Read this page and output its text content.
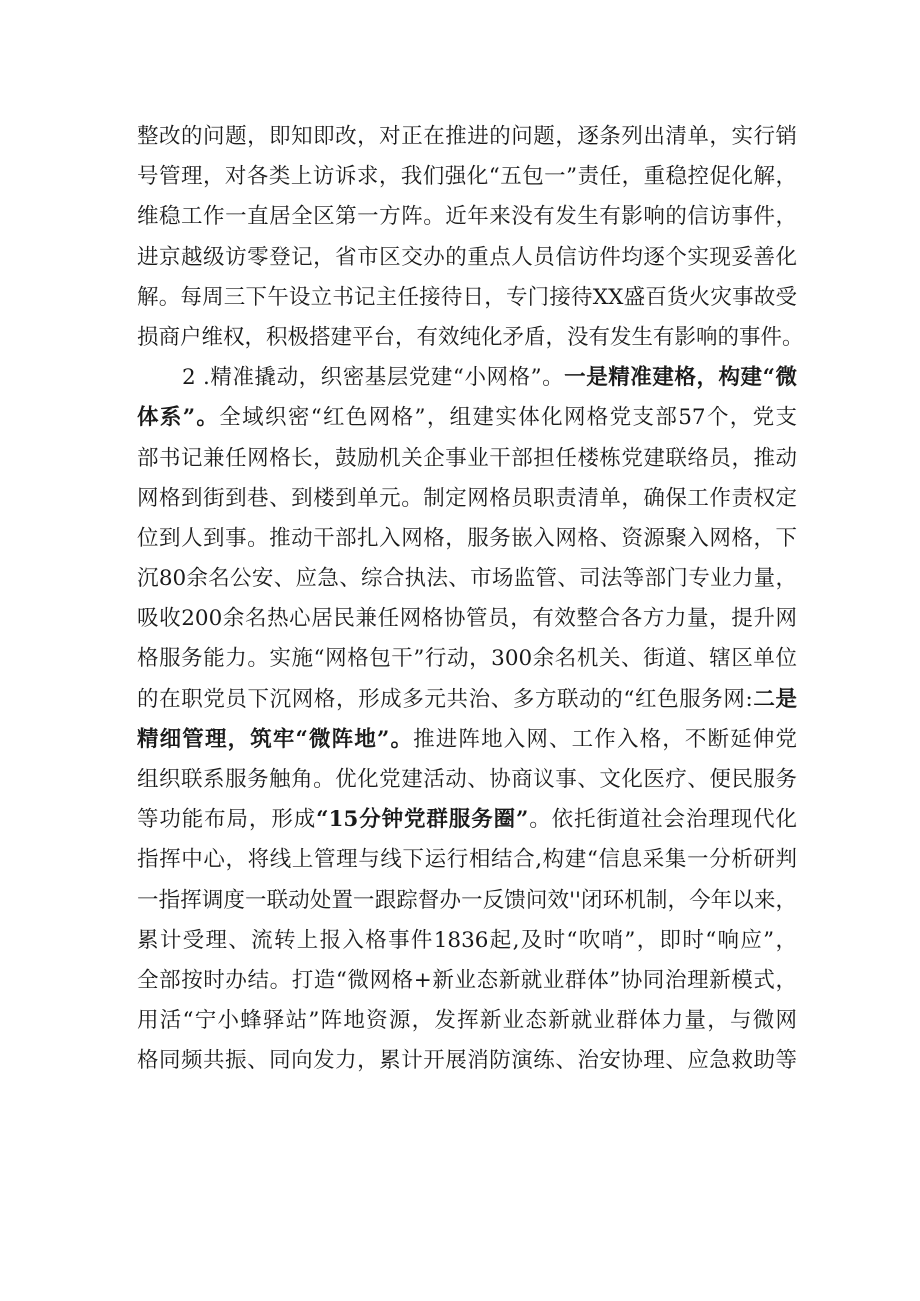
整改的问题，即知即改，对正在推进的问题，逐条列出清单，实行销
号管理，对各类上访诉求，我们强化“五包一”责任，重稳控促化解，
维稳工作一直居全区第一方阵。近年来没有发生有影响的信访事件，
进京越级访零登记，省市区交办的重点人员信访件均逐个实现妥善化
解。每周三下午设立书记主任接待日，专门接待XX盛百货火灾事故受
损商户维权，积极搭建平台，有效纯化矛盾，没有发生有影响的事件。
2 .精准撬动，织密基层党建“小网格”。一是精准建格，构建“微
体系”。全域织密“红色网格”，组建实体化网格党支部57个，党支
部书记兼任网格长，鼓励机关企事业干部担任楼栋党建联络员，推动
网格到街到巷、到楼到单元。制定网格员职责清单，确保工作责权定
位到人到事。推动干部扎入网格，服务嵌入网格、资源聚入网格，下
沉80余名公安、应急、综合执法、市场监管、司法等部门专业力量，
吸收200余名热心居民兼任网格协管员，有效整合各方力量，提升网
格服务能力。实施“网格包干”行动，300余名机关、街道、辖区单位
的在职党员下沉网格，形成多元共治、多方联动的“红色服务网:二是
精细管理，筑牢“微阵地”。推进阵地入网、工作入格，不断延伸党
组织联系服务触角。优化党建活动、协商议事、文化医疗、便民服务
等功能布局，形成“15分钟党群服务圈”。依托街道社会治理现代化
指挥中心，将线上管理与线下运行相结合,构建“信息采集一分析研判
一指挥调度一联动处置一跟踪督办一反馈问效''闭环机制，今年以来，
累计受理、流转上报入格事件1836起,及时“吹哨”，即时“响应”，
全部按时办结。打造“微网格+新业态新就业群体”协同治理新模式，
用活“宁小蜂驿站”阵地资源，发挥新业态新就业群体力量，与微网
格同频共振、同向发力，累计开展消防演练、治安协理、应急救助等
